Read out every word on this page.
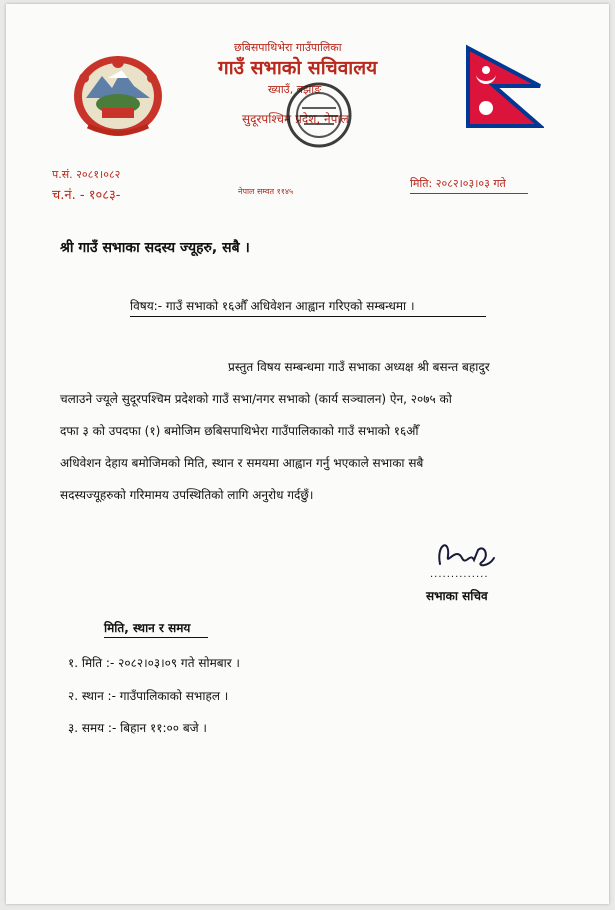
छबिसपाथिभेरा गाउँपालिका
गाउँ सभाको सचिवालय
ख्याउँ, बझाङ
सुदूरपश्चिम प्रदेश, नेपाल
प.सं. २०८१।०८२
च.नं. - १०८३-	नेपाल सम्वत ११४५
मिति: २०८२।०३।०३ गते
श्री गाउँ सभाका सदस्य ज्यूहरु, सबै ।
विषय:- गाउँ सभाको १६औँ अधिवेशन आह्वान गरिएको सम्बन्धमा ।
प्रस्तुत विषय सम्बन्धमा गाउँ सभाका अध्यक्ष श्री बसन्त बहादुर
चलाउने ज्यूले सुदूरपश्चिम प्रदेशको गाउँ सभा/नगर सभाको (कार्य सञ्चालन) ऐन, २०७५ को
दफा ३ को उपदफा (१) बमोजिम छबिसपाथिभेरा गाउँपालिकाको गाउँ सभाको १६औँ
अधिवेशन देहाय बमोजिमको मिति, स्थान र समयमा आह्वान गर्नु भएकाले सभाका सबै
सदस्यज्यूहरुको गरिमामय उपस्थितिको लागि अनुरोध गर्दछुँ।
..............
सभाका सचिव
मिति, स्थान र समय
१. मिति :- २०८२।०३।०९ गते सोमबार ।
२. स्थान :- गाउँपालिकाको सभाहल ।
३. समय :- बिहान ११:०० बजे ।
